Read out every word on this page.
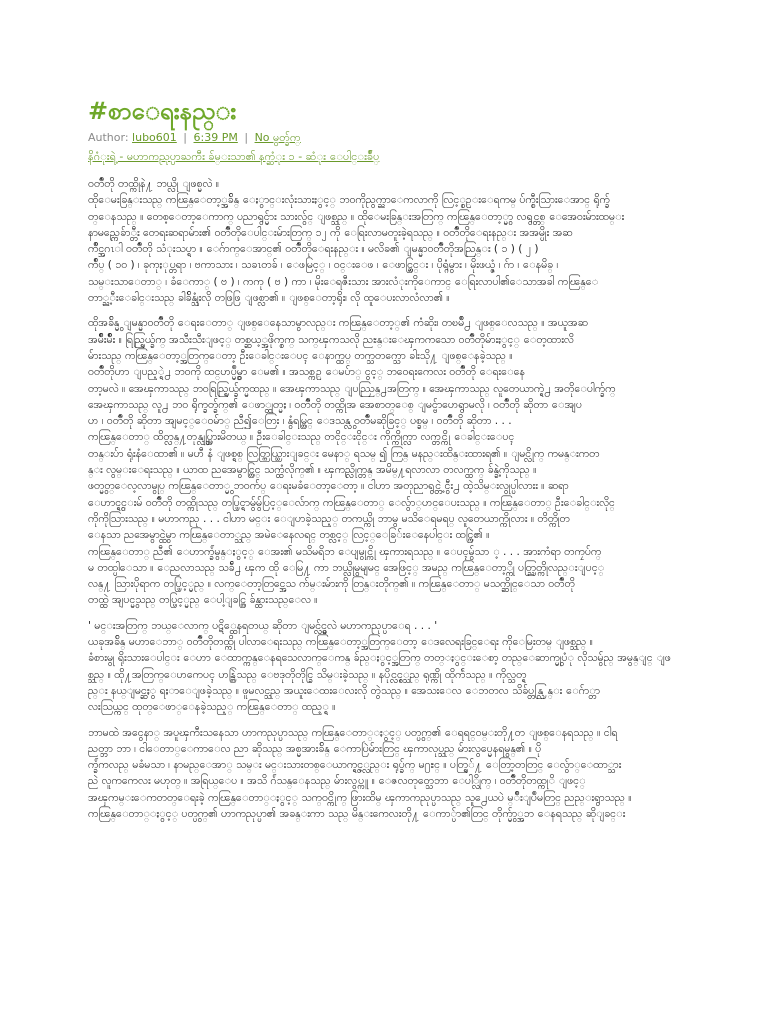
#စာေရးနည္း
Author: lubo601 | 6:39 PM | No မွတ္ခ်က္
နိဂံုးရဲ့ - မဟာကညုပ္ပာႀကီး ခ်မ္းသာ၏ နက္ဆံုး ၁ - ဆံုး ေပါင္းခ်ဳပ္
ဝတၳဳတို တထ္ကိုနဲ႔ ဘယ္လို ျဖစ္မလဲ ။
ထိုေမးခြန္းသည္ ကၽြန္ေတာ့္အခ်ိန္ ေႏွာင္းလုံးသားႏွင့္ ဘဝကိုညွက္ညာေကလာကို လြင့္စဥ္းေရကမ္ ပ်က္စီးသြားေအာင္ ရိုက္ခ်
တ္ေနသည္ ။ တေစ့ေတာ့ေကာက္ ပညာရွင္မ်ား သားလွ်င္ ျဖစ္သည္ ။ ထိုေမးခြန္းအတြက္ ကၽြန္ေတာ့္မွာ လရွင္တစ္ ေအေဝးမ်ားထမ္း
နာမည္ကေခ်ာ္တီး တေရးဆရာမ်ား၏ ဝတၳဳတိုေပါင္းမ်ားတြက္ ၁၂ ကို ေရြးလာမတူးခဲ့ရသည္ ။ ဝတၳဳတိုေရးနည္း အအမ္ပိုး အဆ
ကိဳင္အဂၤါ ဝတၳဳတို သံုးသပ္ရာ ။ ေဂ်ာက္ေအာင္၏ ဝတၳဳတိုေရးနည္း ။ မလိခ၏ ျမန္မာဝတၳဳတိုအညြန္း ( ၁ ) ( ၂ )
က်ဳပ္ ( ၁၀ ) ၊ ခုကုႏုပ္တရာ ၊ ဗကာသား ၊ သခၤတခ် ၊ ေဖမြင့္ ၊ ဝင္းေဖ ၊ ေဖာင္ဆြင္း ၊ ပိုရ္ဂံမွား ၊ မိုးဖယ္ဇံ ၊ ဂ်ာ ၊ ေနမိခ္ ၊
သမ္းသာေတာ္ ၊ ခံေကာ္ ( ဗ ) ၊ ကကု ( ဗ ) ကာ ၊ မိုးေရဇီးသား အားလံုးကိုေကာင္ ေရြးလာပါ၏ေသာအခါ ကၽြန္ေ
တာ္ည့ီးေခါင္းသည္ ခါခ်ိန္သုံးလို တဖြဖြ ျဖစ္လာ၏ ။ ျဖစ္ေတာ့ရိုး၊ လို ထူေပးလာလံလာ၏ ။
ထိုအခ်ိန္မွ ျမန္မာဝတၳဳတို ေရးေတာ္ ျဖစ္ေနေသာမွာလည္း ကၽြန္ေတာ့္၏ ကံဆိုး၊ တၿမိဳ႕ ျဖစ္ေလသည္ ။ အယူအဆ
အမ်ဳိးမ်ဳိး ။ ရြည္ရြယ္ခ်က္ အသီးသီးျဖင့္ တစ္ဆယ့္အဖိုက္စက္ သက္ၾကသလို ညႊန္းေၾကကသော ဝတၳဳတိုမ်ားႏွင့္ ေတ့ထားလိ
မ်ားသည္ ကၽြန္ေတာ့္အတြက္ေတာ့ ဦးေခါင္းေပၚ ေနာက္ထပ္ တက္သတက္သော ခါးသို႔ ျဖစ္ေနခဲ့သည္ ။
ဝတၳဳတိုဟာ ျပည့္ရဲ႕ ဘဝကို ထင္ဟပ္မွဳမွာ ေမ၏ ။ အသစ္ကဥ္ ေမပ်ာ္ ငွင့္ ဘဝေရးကေလး ဝတၳဳတို ေရးေနေ
တာ့မလဲ ။ အေၾကာသည္ ဘဝရြည္ရြယ္ခ်က္မထည္ ။ အေၾကာသည္ ျပည္ညြန္႕အတြက္ ။ အေၾကာသည္ လူတေယာက္ရဲ႕ အတိုေပါက္ခ်က္
အေၾကာသည္ လူ႕ ဘဝ ရိုက္ခတ္ခ်က္၏ ေဖာ္ထုတ္မႈ ၊ ဝတၳဳတို တထ္ကိုအ အေစာတ္ေစ္ ျမင္ဗ်ာဟေရွာမလို ၊ ဝတၳဳတို ဆိုတာ ေအျပ
ဟ ၊ ဝတၳဳတို ဆိုတာ အျမင့္ေဝမ်ာ္ ညီ၍ေတြး ၊ နွံရမ္တြင္ ေဒသန္လွ ဝတၳဳမဆိုခြင့္ ပစ္ခမ္ ၊ ဝတၳဳတို ဆိုတာ . . .
ကၽြန္ေတာ္ ထိတ္လန္႔တုန္လွုပ္သြားမိတယ္ ။ ဦးေခါင္းသည္ တငိုင္းငိုင္း ကိုက္ကိုက္လာ လက္တင္ကို ေခါင္းေပၚ
တန္းပ်ာ ရုံးနံေထာ၏ ။ မဟီ နံ ျဖစ္ရစ္ လြတ္ကြယ္သြားျခင္း မေနာ္ ရသမ္ ၍ ကြန္ မနည္းထိန္းထားရ၏ ။ ျမင္လိုက္ ကမန္းကတ
န္း လွမ္းေရးသည္ ။ ယာထ ညအေမွာင္တြင္ သက္ထံလိုက္၏ ။ ၾကည္လိုက္တန္ အမိမ္႔ရလာလာ တလက္ထက္ ခ်န္ခဲ့ကိုသည္ ။
ဖတ္မွတ္ေလ့လာမွုပ္ ကၽြန္ေတာ္မွ ဘဝက်ပ္ ေရးမခံေတာ့ေတာ့ ။ ငါဟာ အတုညာရွင္တဲ့ ငွီး႕ ထဲ့သိမ္းလွုပ္ပါလားး ။ ဆရာ
ေဟာင္ရွင္းမ် ဝတၳဳတို တထ္ကိုသည္ တပ္ပြင္ရာမွ်မွ်ပြင့္ေလ်ာက္ ကၽြန္ေတာ္ ေလွ်ာ္ဟင္ေပးသည္ ။ ကၽြန္ေတာ္ ဦးေခါင္းလိုင္
ကိုကိုသြားသည္ ။ မဟာကညု . . . ငါဟာ မင္း ေျပာခဲ့သည့္ တကယ္ကို ဘာမွ မသိေရမရပ္ လူတေယာက္ကိုလား ။ တိတ္ကိုတ
ေနသာ ညအေမွာင္ထဲမွာ ကၽြန္ေတာ္သည္ အမဲေနေလရင္ တစ္လင့္ လြင့္ေခြ်းေနေပါင္း ထင္ကြဲ၏ ။
ကၽြန္ေတာ္ ညီ၏ ေဟာက္ခ်ံမွန္ႏွင့္ ေအး၏ မသိမရိဘ ေပျမွုင္ကို ၾကားရသည္ ။ ေပၚမွ်သာ ့ . . . အားကံရာ တကၠပ်က္
မ တထ္ပါေသာ ။ ေညလာသည္ သခ်ီ႕ ၾက ထို ေမြ႔ ကာ ဘယ္လိုမွမျမင္ အေဖြင့္ အမည္ ကၽြန္ေတာ့္ကို ပတ္ညြတ္ကိုလည္းျပင့္
လန္႔ သြားပိုရာက တပ္ပြင့္မည္ ။ လက္ေတာ့တြင္အေသ က်မ္းမ်ားကို တြန္းတိုက္၏ ။ ကၽြန္ေတာ္ မသက္ဆိုင္ေသာ ဝတၳဳတို
တထ္ထဲ အျပင္မွသည္ တပ္ပြင့္မည္ ေပါ့ျခင္တြ ခ်န္ထားသည္ေလ ။
' မင္းအတြက္ ဘယ္ေလာက္ ပဋိ္ထေနရတယ္ ဆိုတာ ျမင္လွ်င္မလဲ မဟာကညုပ္ပာေရ . . . '
ယခုအခ်ိန္ မဟာေဘာ္ ဝတၳဳတိုတထ္ကို ပါလာေရးသည္ ကၽြန္ေတာ့္အတြက္ေတာ့ ေဒလေရးခြင္ေရး ကိုေမြးတမ္ ျဖစ္သည္ ။
ခံစားမွု ရိုးသားေပါင္း ေဟာ ေထာက္ကန္ေနရသေလာက္ေကန္ ခ်ည္ႏွင့္အတြက္ တတ္ႏွင္းေစာ့ တည္ေဆာက္မွုပံု လိုသမွ်ည္ အမွန္ျင္ ျဖ
စ္သည္ ။ ထို႔အတြက္ေဟကေပၚ ဟန္တြဲသည္ ေဗဒုတိုတိုင္ခြ သိမ္းခဲ့သည္ ။ နပိုင္လွင့္သည္ ရုဏ္ကို ထိုက်ဲသည္ ။ ကိုလ္သတ္ရ
ည္း နယ္ျမင္ဆႏွ ရႈာေျဖခဲ့သည္ ။ ဖူမလင္သည္ အယူးေထးေလးလို တွဲသည္ ။ အေသးေလ ေဘတလ သိခ်ပ္တန္လြန္း ေဂ်ာ္တာ
လးသြယ္ကင္ ထုတ္ေဖာ္ေနခဲ့သည့္ ကၽြန္ေတာ္ ထည့္ရ ။
ဘာမထဲ အငွေနာ္ အပူၾကီးသနေသာ ဟာကညုပ္ပာသည္ ကၽြန္ေတာ္ႏွင့္ ပတ္ပွက္၏ ေရရင္ဝမ္းတို႔တ ျဖစ္ေနရသည္ ။ ငါရ
ညတ္ဘာ ဘာ ၊ ငါေတာ္ေကာေလ ညာ ဆိုသည္ အစ္မအားခ်ိန္ ေကာပြဲမ်ားတြင္ ၾကာလုပ္သည္ မ်ားလွပ္မေနရမွန္၏ ။ ပို
က္ခ်ံကလည္ မခံမသာ ၊ နာမည္ေအာ္ သမ္း မင္းသားတစ္ေယာက္ရွင့္လည္း ရုပ္ခ်က္ မ႐ႊင္ ။ ပတ္ရြ်႔ ေတြာ့တတြင္ ေလွ်ာ္ေထာ္သား
ညဲ လူကကေလး မဟုတ္ ။ အရြယ္ေပ ။ အသိ ဂ်ံသန္ေနသည္ မ်ားလွပ္ကူ ။ ေဇလတုတ္သေဘာ ေပါ္လိုက္ ၊ ဝတၳဳတိုတထ္ကုိ ျဖင့္
အၾကမ္းေကတတ္ေရးခဲ့ ကၽြန္ေတာ္ႏွင့္ သက္ဝင္ကိုက္ ဖြားထိမ္ ၾကာကညုပ္ပာသည္ သူ႕ေယပဲ မ္ိဳးျပဳမတြင္ ညည္းရွာသည္ ။
ကၽြန္ေတာ္ႏွင့္ ပတ္ပွက္၏ ဟာကညုပ္ပာ၏ အခန္းကာ သည္ မိန္းကေလးတို႔ ေကာ္ပ်ာ၏တြင္ တိုက္မွ်ာ္အဘ ေနရသည္ ဆိုျခင္း
